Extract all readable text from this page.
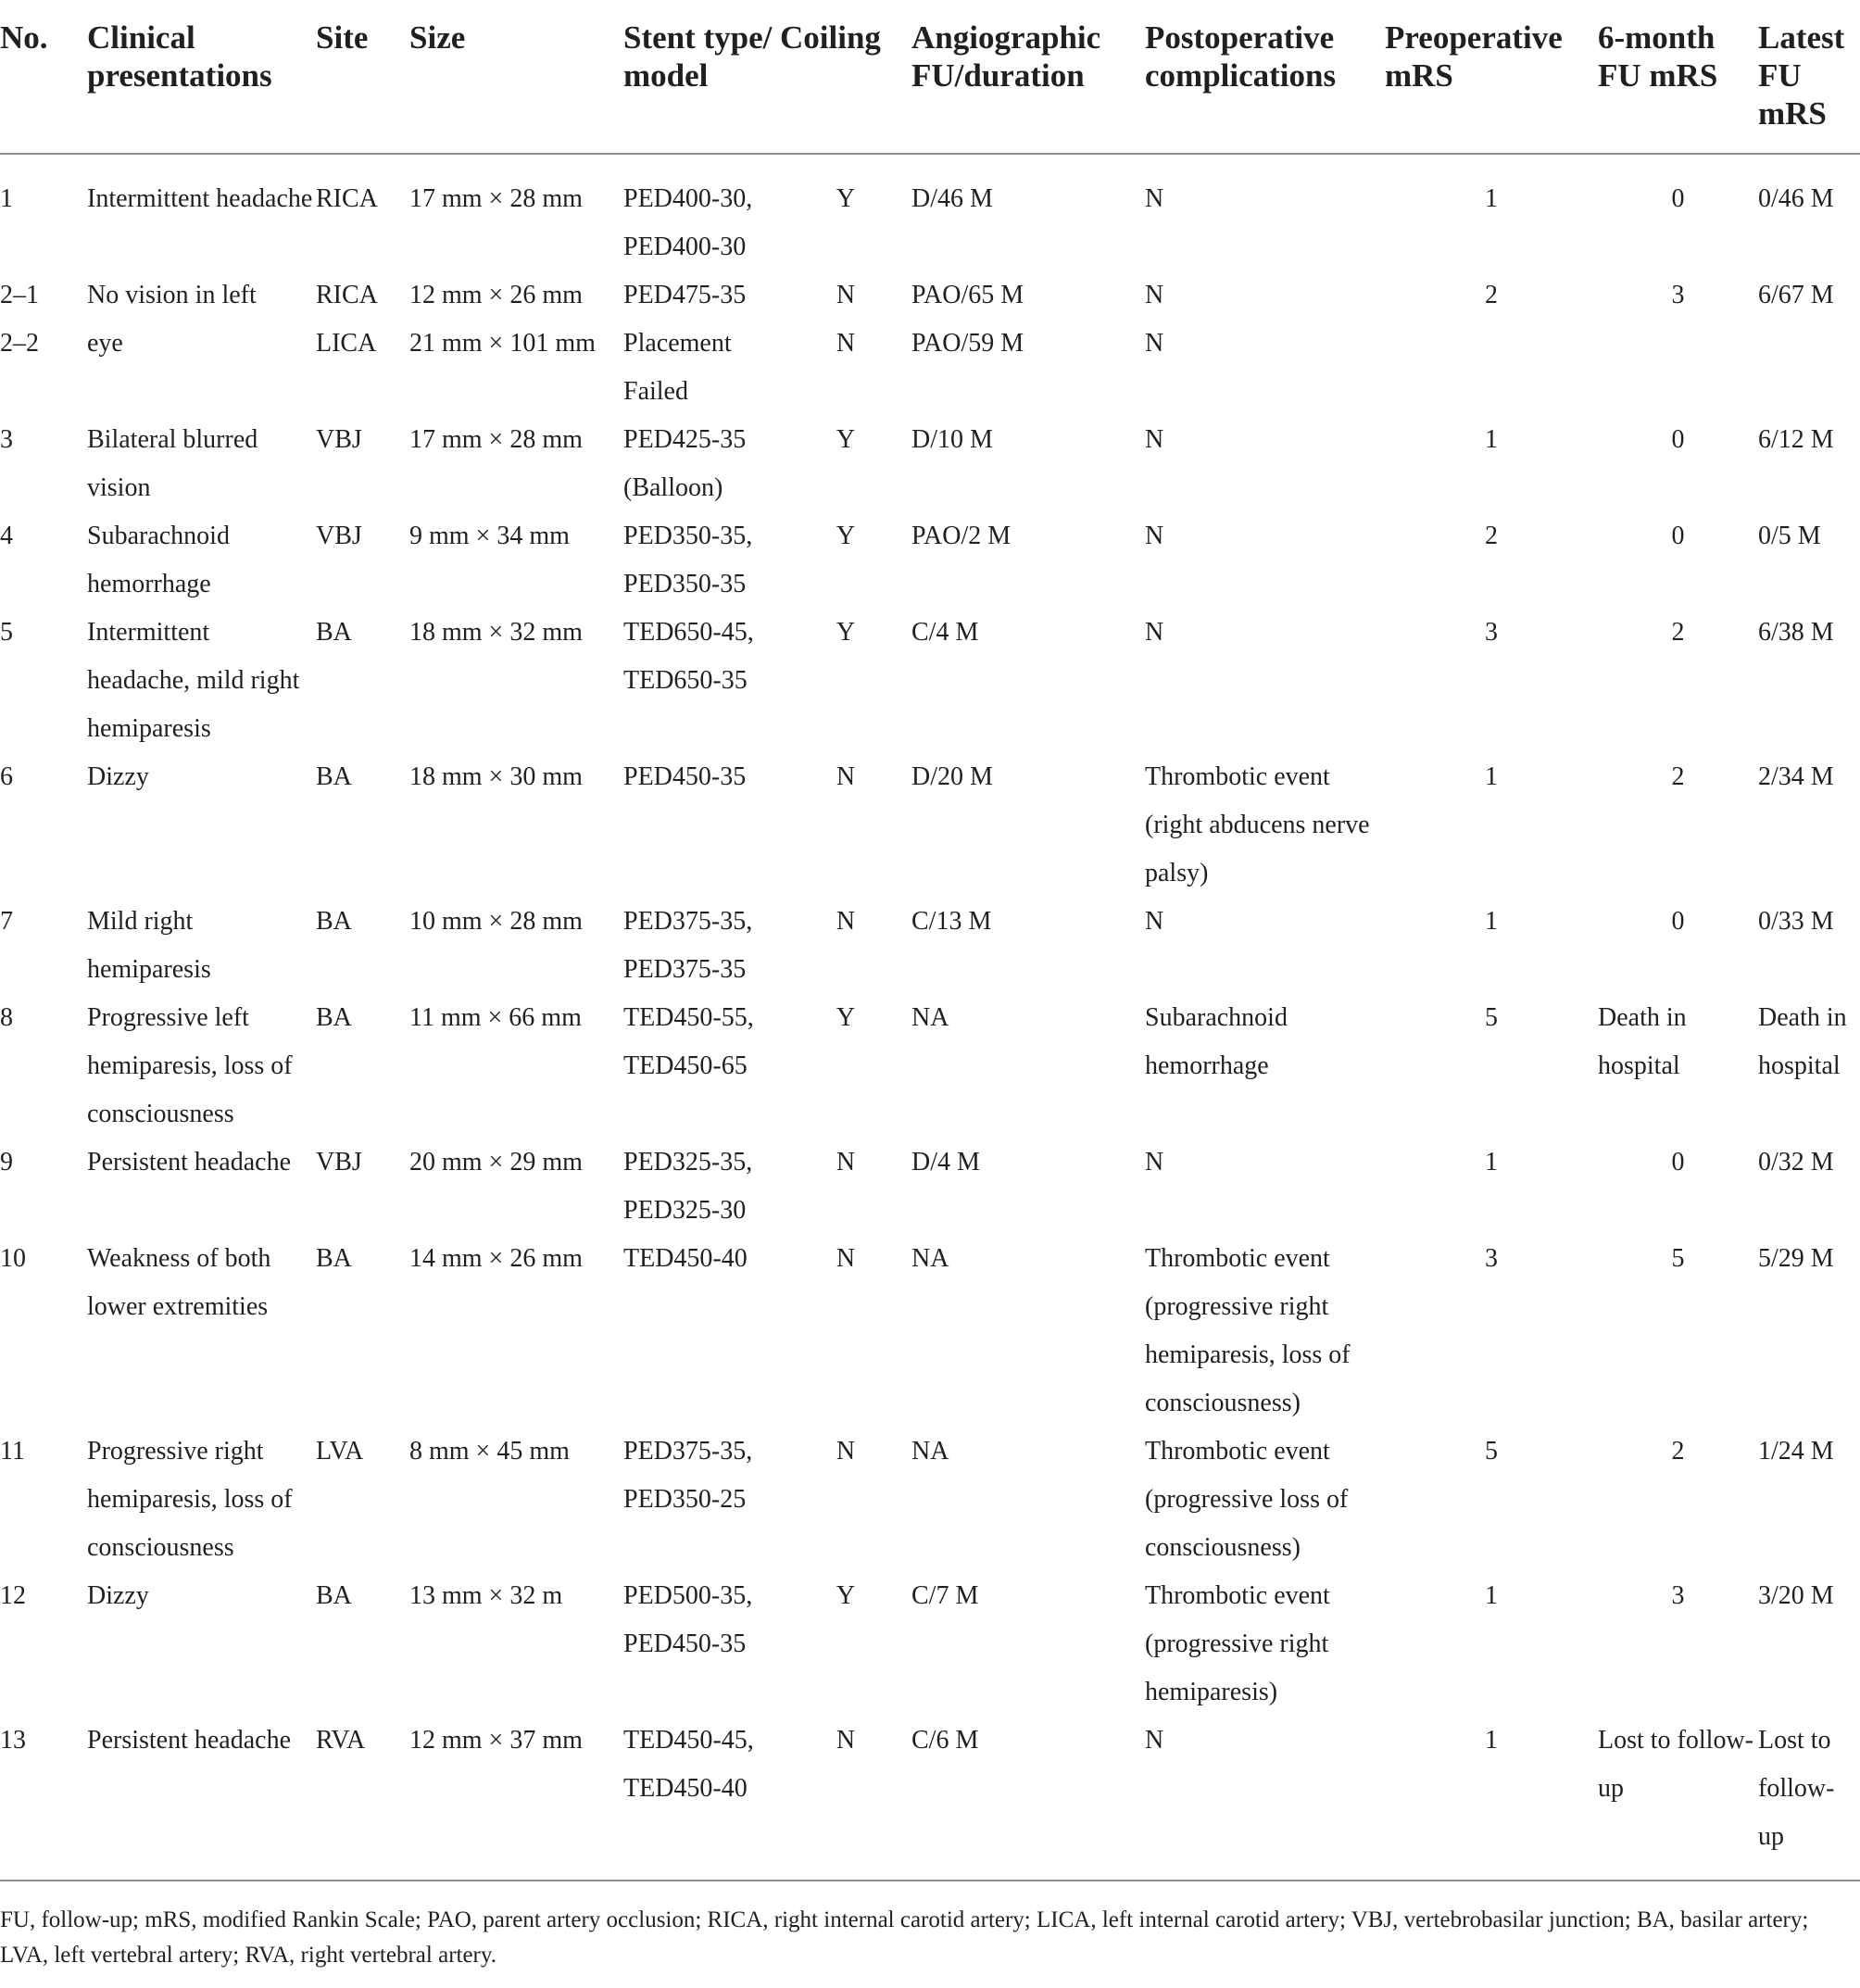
No.	Clinical presentations	Site	Size	Stent type/ model	Coiling	Angiographic FU/duration	Postoperative complications	Preoperative mRS	6-month FU mRS	Latest FU mRS
1	Intermittent headache	RICA	17 mm × 28 mm	PED400-30, PED400-30	Y	D/46 M	N	1	0	0/46 M
2–1	No vision in left	RICA	12 mm × 26 mm	PED475-35	N	PAO/65 M	N	2	3	6/67 M
2–2	eye	LICA	21 mm × 101 mm	Placement Failed	N	PAO/59 M	N			
3	Bilateral blurred vision	VBJ	17 mm × 28 mm	PED425-35 (Balloon)	Y	D/10 M	N	1	0	6/12 M
4	Subarachnoid hemorrhage	VBJ	9 mm × 34 mm	PED350-35, PED350-35	Y	PAO/2 M	N	2	0	0/5 M
5	Intermittent headache, mild right hemiparesis	BA	18 mm × 32 mm	TED650-45, TED650-35	Y	C/4 M	N	3	2	6/38 M
6	Dizzy	BA	18 mm × 30 mm	PED450-35	N	D/20 M	Thrombotic event (right abducens nerve palsy)	1	2	2/34 M
7	Mild right hemiparesis	BA	10 mm × 28 mm	PED375-35, PED375-35	N	C/13 M	N	1	0	0/33 M
8	Progressive left hemiparesis, loss of consciousness	BA	11 mm × 66 mm	TED450-55, TED450-65	Y	NA	Subarachnoid hemorrhage	5	Death in hospital	Death in hospital
9	Persistent headache	VBJ	20 mm × 29 mm	PED325-35, PED325-30	N	D/4 M	N	1	0	0/32 M
10	Weakness of both lower extremities	BA	14 mm × 26 mm	TED450-40	N	NA	Thrombotic event (progressive right hemiparesis, loss of consciousness)	3	5	5/29 M
11	Progressive right hemiparesis, loss of consciousness	LVA	8 mm × 45 mm	PED375-35, PED350-25	N	NA	Thrombotic event (progressive loss of consciousness)	5	2	1/24 M
12	Dizzy	BA	13 mm × 32 m	PED500-35, PED450-35	Y	C/7 M	Thrombotic event (progressive right hemiparesis)	1	3	3/20 M
13	Persistent headache	RVA	12 mm × 37 mm	TED450-45, TED450-40	N	C/6 M	N	1	Lost to follow-up	Lost to follow-up
FU, follow-up; mRS, modified Rankin Scale; PAO, parent artery occlusion; RICA, right internal carotid artery; LICA, left internal carotid artery; VBJ, vertebrobasilar junction; BA, basilar artery; LVA, left vertebral artery; RVA, right vertebral artery.
